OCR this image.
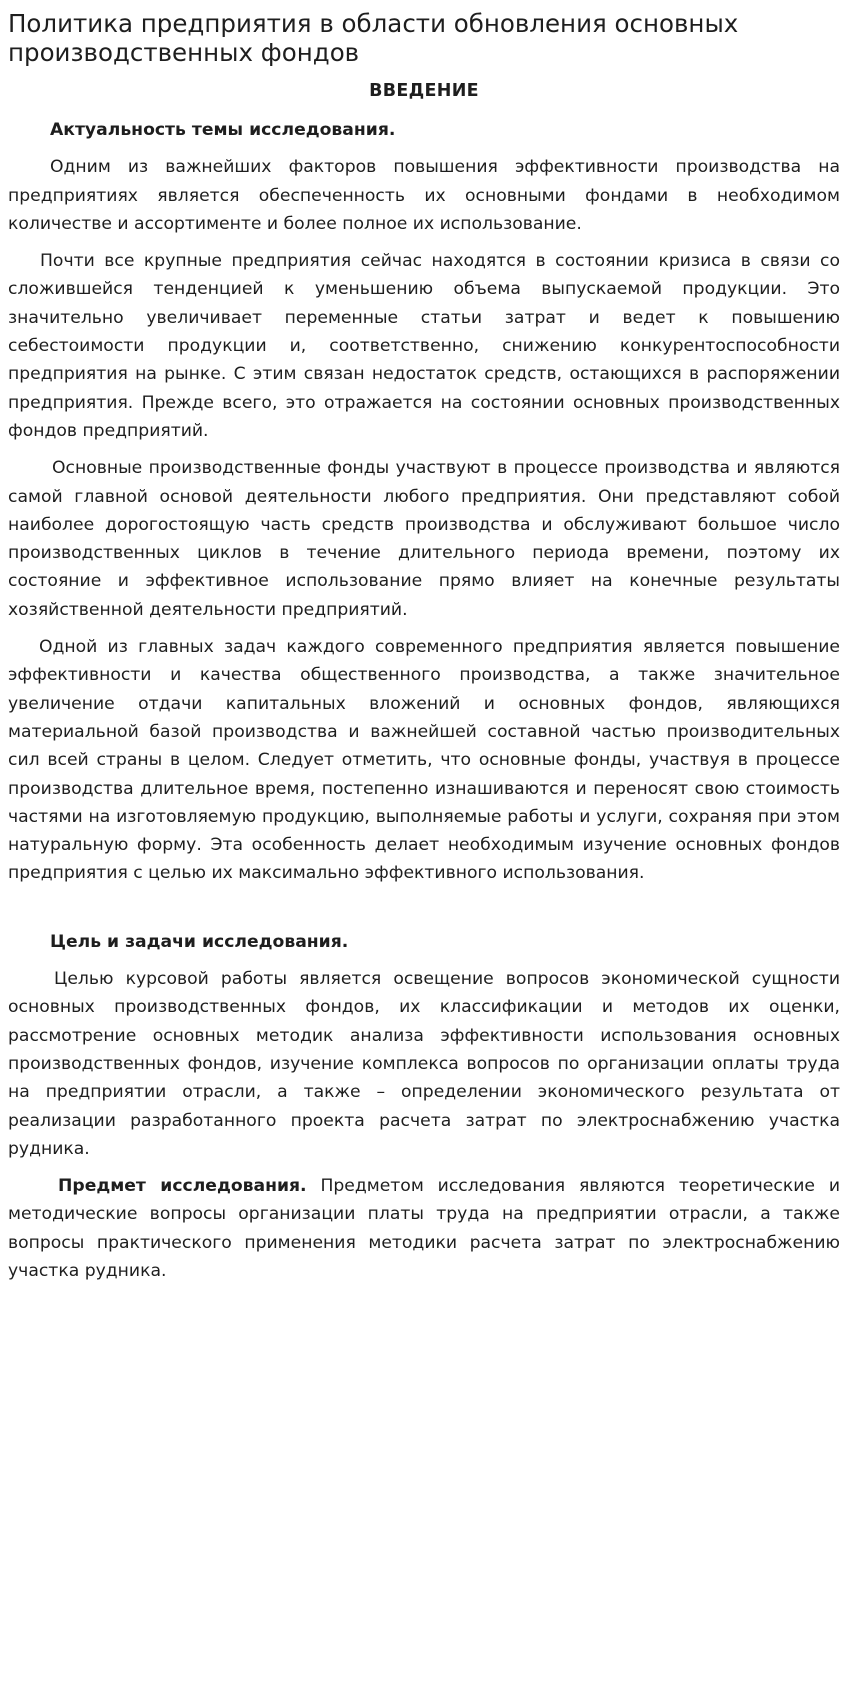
Политика предприятия в области обновления основных производственных фондов
ВВЕДЕНИЕ

Актуальность темы исследования.

Одним из важнейших факторов повышения эффективности производства на предприятиях является обеспеченность их основными фондами в необходимом количестве и ассортименте и более полное их использование.

Почти все крупные предприятия сейчас находятся в состоянии кризиса в связи со сложившейся тенденцией к уменьшению объема выпускаемой продукции. Это значительно увеличивает переменные статьи затрат и ведет к повышению себестоимости продукции и, соответственно, снижению конкурентоспособности предприятия на рынке. С этим связан недостаток средств, остающихся в распоряжении предприятия. Прежде всего, это отражается на состоянии основных производственных фондов предприятий.

Основные производственные фонды участвуют в процессе производства и являются самой главной основой деятельности любого предприятия. Они представляют собой наиболее дорогостоящую часть средств производства и обслуживают большое число производственных циклов в течение длительного периода времени, поэтому их состояние и эффективное использование прямо влияет на конечные результаты хозяйственной деятельности предприятий.

Одной из главных задач каждого современного предприятия является повышение эффективности и качества общественного производства, а также значительное увеличение отдачи капитальных вложений и основных фондов, являющихся материальной базой производства и важнейшей составной частью производительных сил всей страны в целом. Следует отметить, что основные фонды, участвуя в процессе производства длительное время, постепенно изнашиваются и переносят свою стоимость частями на изготовляемую продукцию, выполняемые работы и услуги, сохраняя при этом натуральную форму. Эта особенность делает необходимым изучение основных фондов предприятия с целью их максимально эффективного использования.

Цель и задачи исследования.

Целью курсовой работы является освещение вопросов экономической сущности основных производственных фондов, их классификации и методов их оценки, рассмотрение основных методик анализа эффективности использования основных производственных фондов, изучение комплекса вопросов по организации оплаты труда на предприятии отрасли, а также – определении экономического результата от реализации разработанного проекта расчета затрат по электроснабжению участка рудника.

Предмет исследования. Предметом исследования являются теоретические и методические вопросы организации платы труда на предприятии отрасли, а также вопросы практического применения методики расчета затрат по электроснабжению участка рудника.
